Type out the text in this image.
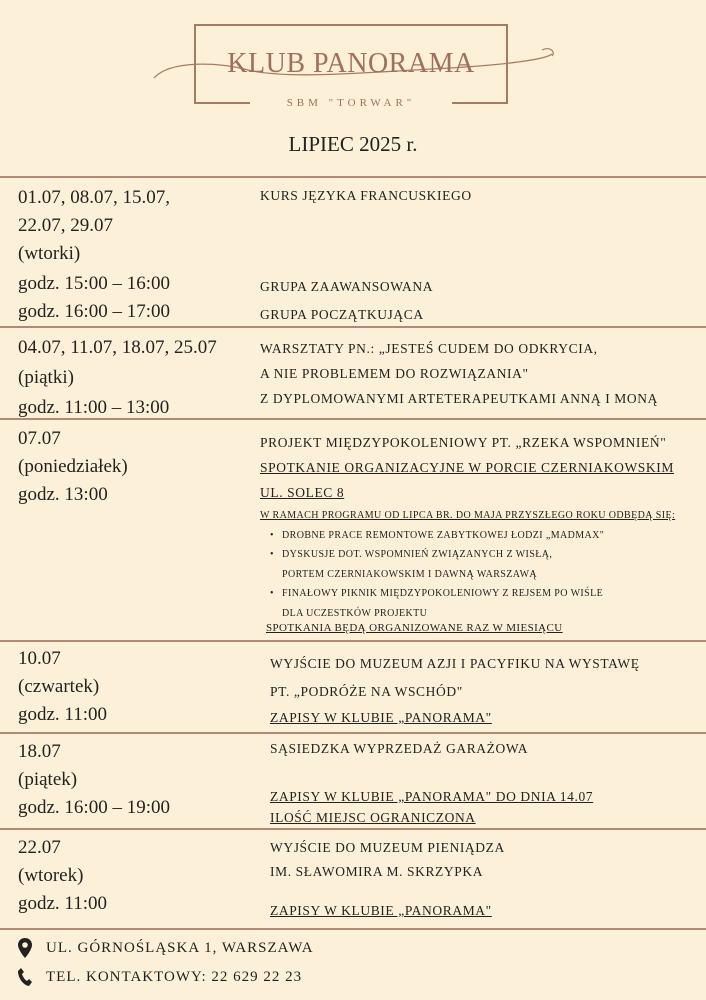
KLUB PANORAMA
SBM "TORWAR"
LIPIEC 2025 r.
01.07, 08.07, 15.07,
22.07, 29.07
(wtorki)
godz. 15:00 – 16:00
godz. 16:00 – 17:00
KURS JĘZYKA FRANCUSKIEGO
GRUPA ZAAWANSOWANA
GRUPA POCZĄTKUJĄCA
04.07, 11.07, 18.07, 25.07
(piątki)
godz. 11:00 – 13:00
WARSZTATY PN.: „JESTEŚ CUDEM DO ODKRYCIA,
A NIE PROBLEMEM DO ROZWIĄZANIA"
Z DYPLOMOWANYMI ARTETERAPEUTKAMI ANNĄ I MONĄ
07.07
(poniedziałek)
godz. 13:00
PROJEKT MIĘDZYPOKOLENIOWY PT. „RZEKA WSPOMNIEŃ"
SPOTKANIE ORGANIZACYJNE W PORCIE CZERNIAKOWSKIM
UL. SOLEC 8
W RAMACH PROGRAMU OD LIPCA BR. DO MAJA PRZYSZŁEGO ROKU ODBĘDĄ SIĘ:
• DROBNE PRACE REMONTOWE ZABYTKOWEJ ŁODZI „MADMAX"
• DYSKUSJE DOT. WSPOMNIEŃ ZWIĄZANYCH Z WISŁĄ,
PORTEM CZERNIAKOWSKIM I DAWNĄ WARSZAWĄ
• FINAŁOWY PIKNIK MIĘDZYPOKOLENIOWY Z REJSEM PO WIŚLE
DLA UCZESTKÓW PROJEKTU
SPOTKANIA BĘDĄ ORGANIZOWANE RAZ W MIESIĄCU
10.07
(czwartek)
godz. 11:00
WYJŚCIE DO MUZEUM AZJI I PACYFIKU NA WYSTAWĘ
PT. „PODRÓŻE NA WSCHÓD"
ZAPISY W KLUBIE „PANORAMA"
18.07
(piątek)
godz. 16:00 – 19:00
SĄSIEDZKA WYPRZEDAŻ GARAŻOWA
ZAPISY W KLUBIE „PANORAMA" DO DNIA 14.07
ILOŚĆ MIEJSC OGRANICZONA
22.07
(wtorek)
godz. 11:00
WYJŚCIE DO MUZEUM PIENIĄDZA
IM. SŁAWOMIRA M. SKRZYPKA
ZAPISY W KLUBIE „PANORAMA"
UL. GÓRNOŚLĄSKA 1, WARSZAWA
TEL. KONTAKTOWY: 22 629 22 23
